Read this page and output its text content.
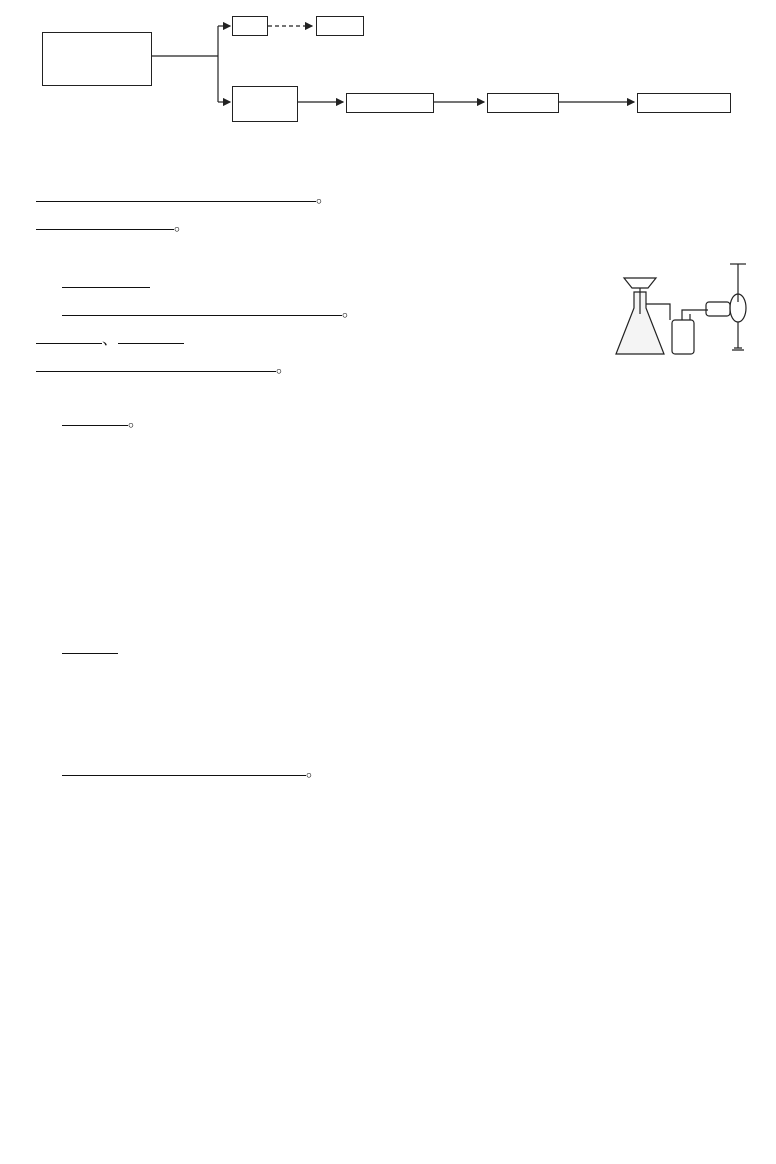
。
。
。
、
。
。
。
